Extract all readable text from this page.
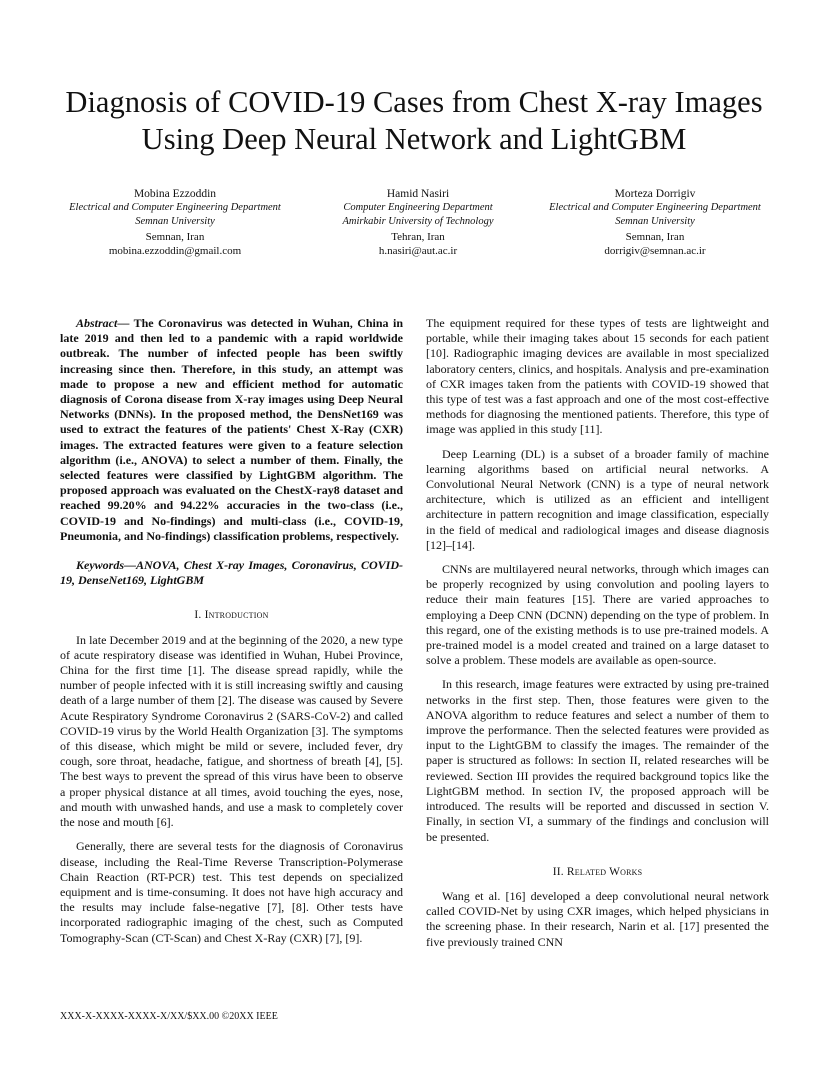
Diagnosis of COVID-19 Cases from Chest X-ray Images Using Deep Neural Network and LightGBM
Mobina Ezzoddin
Electrical and Computer Engineering Department
Semnan University
Semnan, Iran
mobina.ezzoddin@gmail.com
Hamid Nasiri
Computer Engineering Department
Amirkabir University of Technology
Tehran, Iran
h.nasiri@aut.ac.ir
Morteza Dorrigiv
Electrical and Computer Engineering Department
Semnan University
Semnan, Iran
dorrigiv@semnan.ac.ir

Abstract— The Coronavirus was detected in Wuhan, China in late 2019 and then led to a pandemic with a rapid worldwide outbreak. The number of infected people has been swiftly increasing since then. Therefore, in this study, an attempt was made to propose a new and efficient method for automatic diagnosis of Corona disease from X-ray images using Deep Neural Networks (DNNs). In the proposed method, the DensNet169 was used to extract the features of the patients' Chest X-Ray (CXR) images. The extracted features were given to a feature selection algorithm (i.e., ANOVA) to select a number of them. Finally, the selected features were classified by LightGBM algorithm. The proposed approach was evaluated on the ChestX-ray8 dataset and reached 99.20% and 94.22% accuracies in the two-class (i.e., COVID-19 and No-findings) and multi-class (i.e., COVID-19, Pneumonia, and No-findings) classification problems, respectively.

Keywords—ANOVA, Chest X-ray Images, Coronavirus, COVID-19, DenseNet169, LightGBM

I. Introduction

In late December 2019 and at the beginning of the 2020, a new type of acute respiratory disease was identified in Wuhan, Hubei Province, China for the first time [1]. The disease spread rapidly, while the number of people infected with it is still increasing swiftly and causing death of a large number of them [2]. The disease was caused by Severe Acute Respiratory Syndrome Coronavirus 2 (SARS-CoV-2) and called COVID-19 virus by the World Health Organization [3]. The symptoms of this disease, which might be mild or severe, included fever, dry cough, sore throat, headache, fatigue, and shortness of breath [4], [5]. The best ways to prevent the spread of this virus have been to observe a proper physical distance at all times, avoid touching the eyes, nose, and mouth with unwashed hands, and use a mask to completely cover the nose and mouth [6].

Generally, there are several tests for the diagnosis of Coronavirus disease, including the Real-Time Reverse Transcription-Polymerase Chain Reaction (RT-PCR) test. This test depends on specialized equipment and is time-consuming. It does not have high accuracy and the results may include false-negative [7], [8]. Other tests have incorporated radiographic imaging of the chest, such as Computed Tomography-Scan (CT-Scan) and Chest X-Ray (CXR) [7], [9].

The equipment required for these types of tests are lightweight and portable, while their imaging takes about 15 seconds for each patient [10]. Radiographic imaging devices are available in most specialized laboratory centers, clinics, and hospitals. Analysis and pre-examination of CXR images taken from the patients with COVID-19 showed that this type of test was a fast approach and one of the most cost-effective methods for diagnosing the mentioned patients. Therefore, this type of image was applied in this study [11].

Deep Learning (DL) is a subset of a broader family of machine learning algorithms based on artificial neural networks. A Convolutional Neural Network (CNN) is a type of neural network architecture, which is utilized as an efficient and intelligent architecture in pattern recognition and image classification, especially in the field of medical and radiological images and disease diagnosis [12]–[14].

CNNs are multilayered neural networks, through which images can be properly recognized by using convolution and pooling layers to reduce their main features [15]. There are varied approaches to employing a Deep CNN (DCNN) depending on the type of problem. In this regard, one of the existing methods is to use pre-trained models. A pre-trained model is a model created and trained on a large dataset to solve a problem. These models are available as open-source.

In this research, image features were extracted by using pre-trained networks in the first step. Then, those features were given to the ANOVA algorithm to reduce features and select a number of them to improve the performance. Then the selected features were provided as input to the LightGBM to classify the images. The remainder of the paper is structured as follows: In section II, related researches will be reviewed. Section III provides the required background topics like the LightGBM method. In section IV, the proposed approach will be introduced. The results will be reported and discussed in section V. Finally, in section VI, a summary of the findings and conclusion will be presented.

II. Related Works

Wang et al. [16] developed a deep convolutional neural network called COVID-Net by using CXR images, which helped physicians in the screening phase. In their research, Narin et al. [17] presented the five previously trained CNN

XXX-X-XXXX-XXXX-X/XX/$XX.00 ©20XX IEEE
